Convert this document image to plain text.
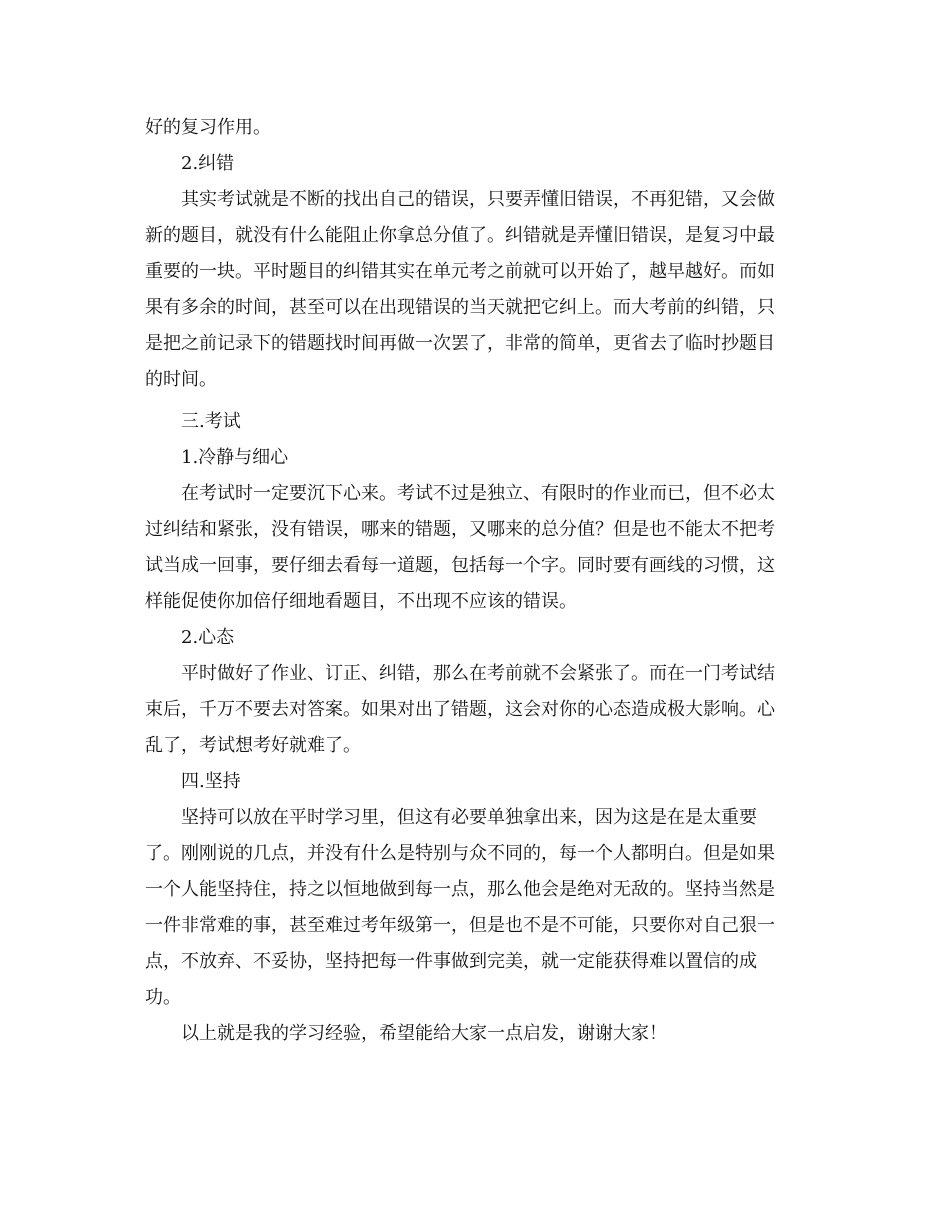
好的复习作用。
2.纠错
其实考试就是不断的找出自己的错误，只要弄懂旧错误，不再犯错，又会做
新的题目，就没有什么能阻止你拿总分值了。纠错就是弄懂旧错误，是复习中最
重要的一块。平时题目的纠错其实在单元考之前就可以开始了，越早越好。而如
果有多余的时间，甚至可以在出现错误的当天就把它纠上。而大考前的纠错，只
是把之前记录下的错题找时间再做一次罢了，非常的简单，更省去了临时抄题目
的时间。
三.考试
1.冷静与细心
在考试时一定要沉下心来。考试不过是独立、有限时的作业而已，但不必太
过纠结和紧张，没有错误，哪来的错题，又哪来的总分值？但是也不能太不把考
试当成一回事，要仔细去看每一道题，包括每一个字。同时要有画线的习惯，这
样能促使你加倍仔细地看题目，不出现不应该的错误。
2.心态
平时做好了作业、订正、纠错，那么在考前就不会紧张了。而在一门考试结
束后，千万不要去对答案。如果对出了错题，这会对你的心态造成极大影响。心
乱了，考试想考好就难了。
四.坚持
坚持可以放在平时学习里，但这有必要单独拿出来，因为这是在是太重要
了。刚刚说的几点，并没有什么是特别与众不同的，每一个人都明白。但是如果
一个人能坚持住，持之以恒地做到每一点，那么他会是绝对无敌的。坚持当然是
一件非常难的事，甚至难过考年级第一，但是也不是不可能，只要你对自己狠一
点，不放弃、不妥协，坚持把每一件事做到完美，就一定能获得难以置信的成
功。
以上就是我的学习经验，希望能给大家一点启发，谢谢大家！
